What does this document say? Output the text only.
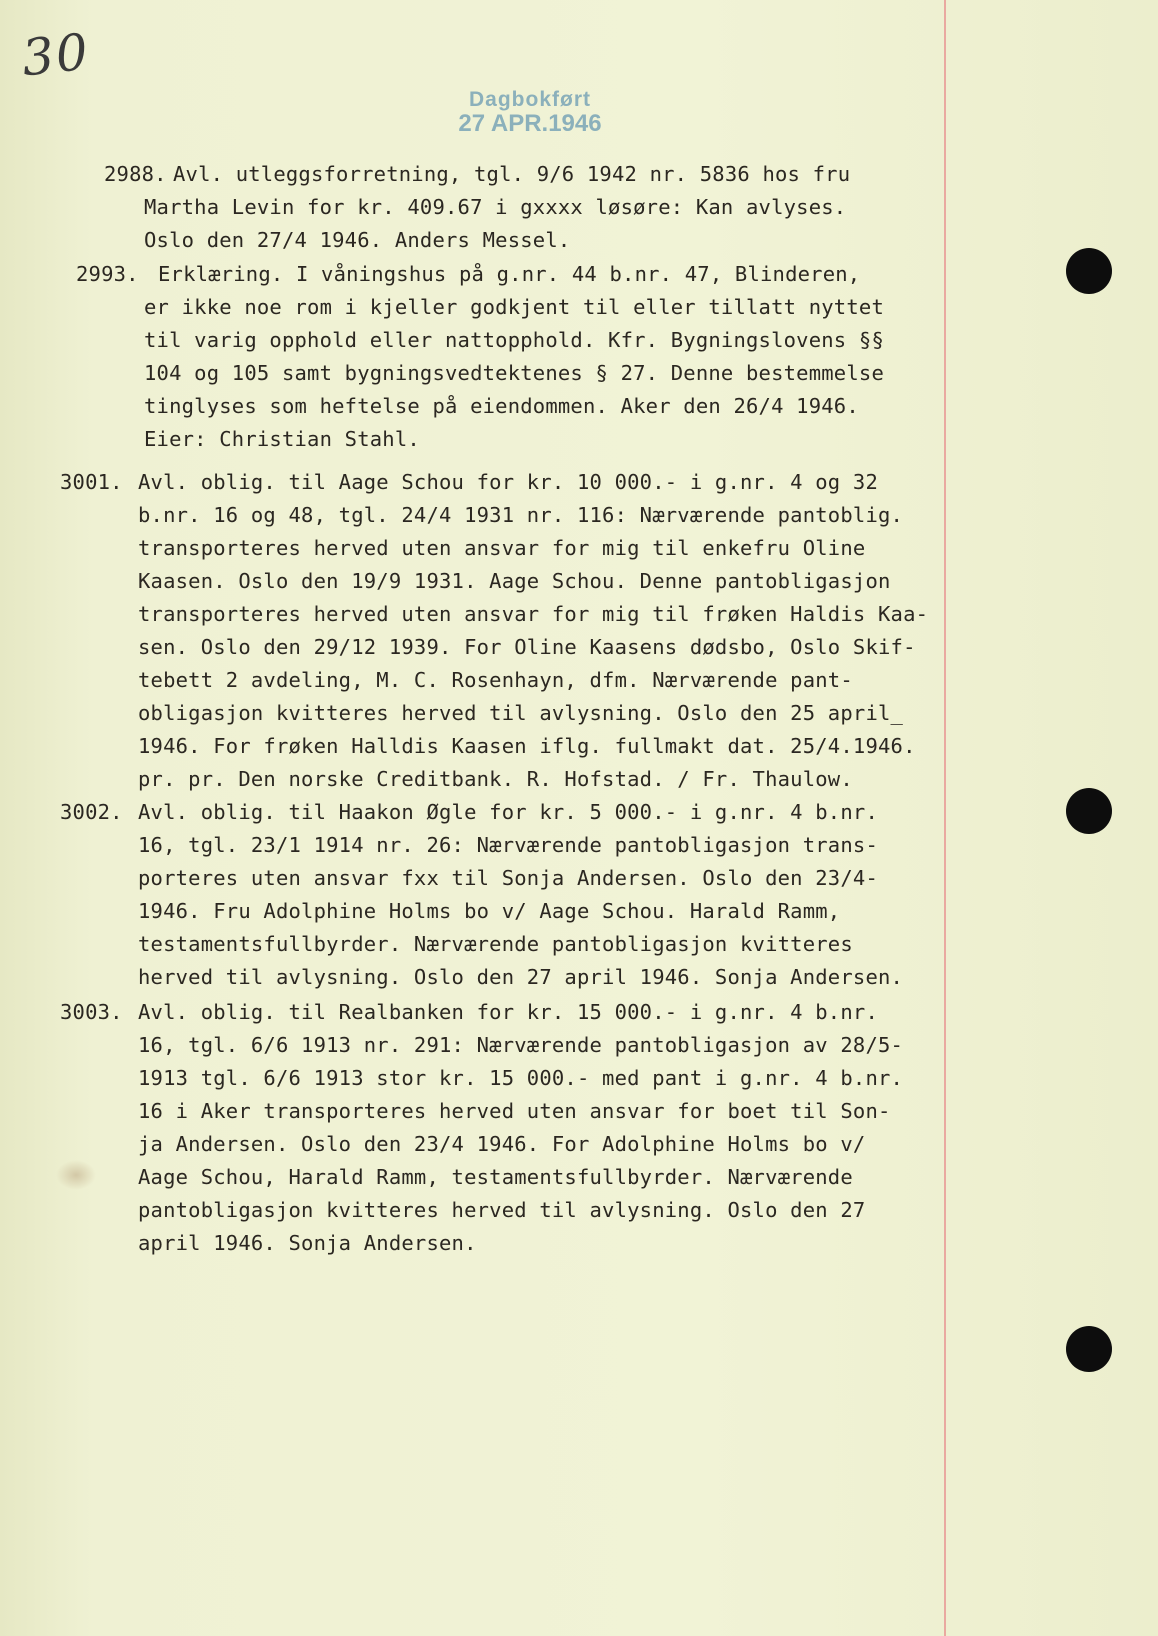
30
Dagbokført
27 APR.1946
2988. Avl. utleggsforretning, tgl. 9/6 1942 nr. 5836 hos fru
Martha Levin for kr. 409.67 i gxxxx løsøre: Kan avlyses.
Oslo den 27/4 1946. Anders Messel.
2993. Erklæring. I våningshus på g.nr. 44 b.nr. 47, Blinderen,
er ikke noe rom i kjeller godkjent til eller tillatt nyttet
til varig opphold eller nattopphold. Kfr. Bygningslovens §§
104 og 105 samt bygningsvedtektenes § 27. Denne bestemmelse
tinglyses som heftelse på eiendommen. Aker den 26/4 1946.
Eier: Christian Stahl.
3001. Avl. oblig. til Aage Schou for kr. 10 000.- i g.nr. 4 og 32
b.nr. 16 og 48, tgl. 24/4 1931 nr. 116: Nærværende pantoblig.
transporteres herved uten ansvar for mig til enkefru Oline
Kaasen. Oslo den 19/9 1931. Aage Schou. Denne pantobligasjon
transporteres herved uten ansvar for mig til frøken Haldis Kaa-
sen. Oslo den 29/12 1939. For Oline Kaasens dødsbo, Oslo Skif-
tebett 2 avdeling, M. C. Rosenhayn, dfm. Nærværende pant-
obligasjon kvitteres herved til avlysning. Oslo den 25 april_
1946. For frøken Halldis Kaasen iflg. fullmakt dat. 25/4.1946.
pr. pr. Den norske Creditbank. R. Hofstad. / Fr. Thaulow.
3002. Avl. oblig. til Haakon Øgle for kr. 5 000.- i g.nr. 4 b.nr.
16, tgl. 23/1 1914 nr. 26: Nærværende pantobligasjon trans-
porteres uten ansvar fxx til Sonja Andersen. Oslo den 23/4-
1946. Fru Adolphine Holms bo v/ Aage Schou. Harald Ramm,
testamentsfullbyrder. Nærværende pantobligasjon kvitteres
herved til avlysning. Oslo den 27 april 1946. Sonja Andersen.
3003. Avl. oblig. til Realbanken for kr. 15 000.- i g.nr. 4 b.nr.
16, tgl. 6/6 1913 nr. 291: Nærværende pantobligasjon av 28/5-
1913 tgl. 6/6 1913 stor kr. 15 000.- med pant i g.nr. 4 b.nr.
16 i Aker transporteres herved uten ansvar for boet til Son-
ja Andersen. Oslo den 23/4 1946. For Adolphine Holms bo v/
Aage Schou, Harald Ramm, testamentsfullbyrder. Nærværende
pantobligasjon kvitteres herved til avlysning. Oslo den 27
april 1946. Sonja Andersen.
